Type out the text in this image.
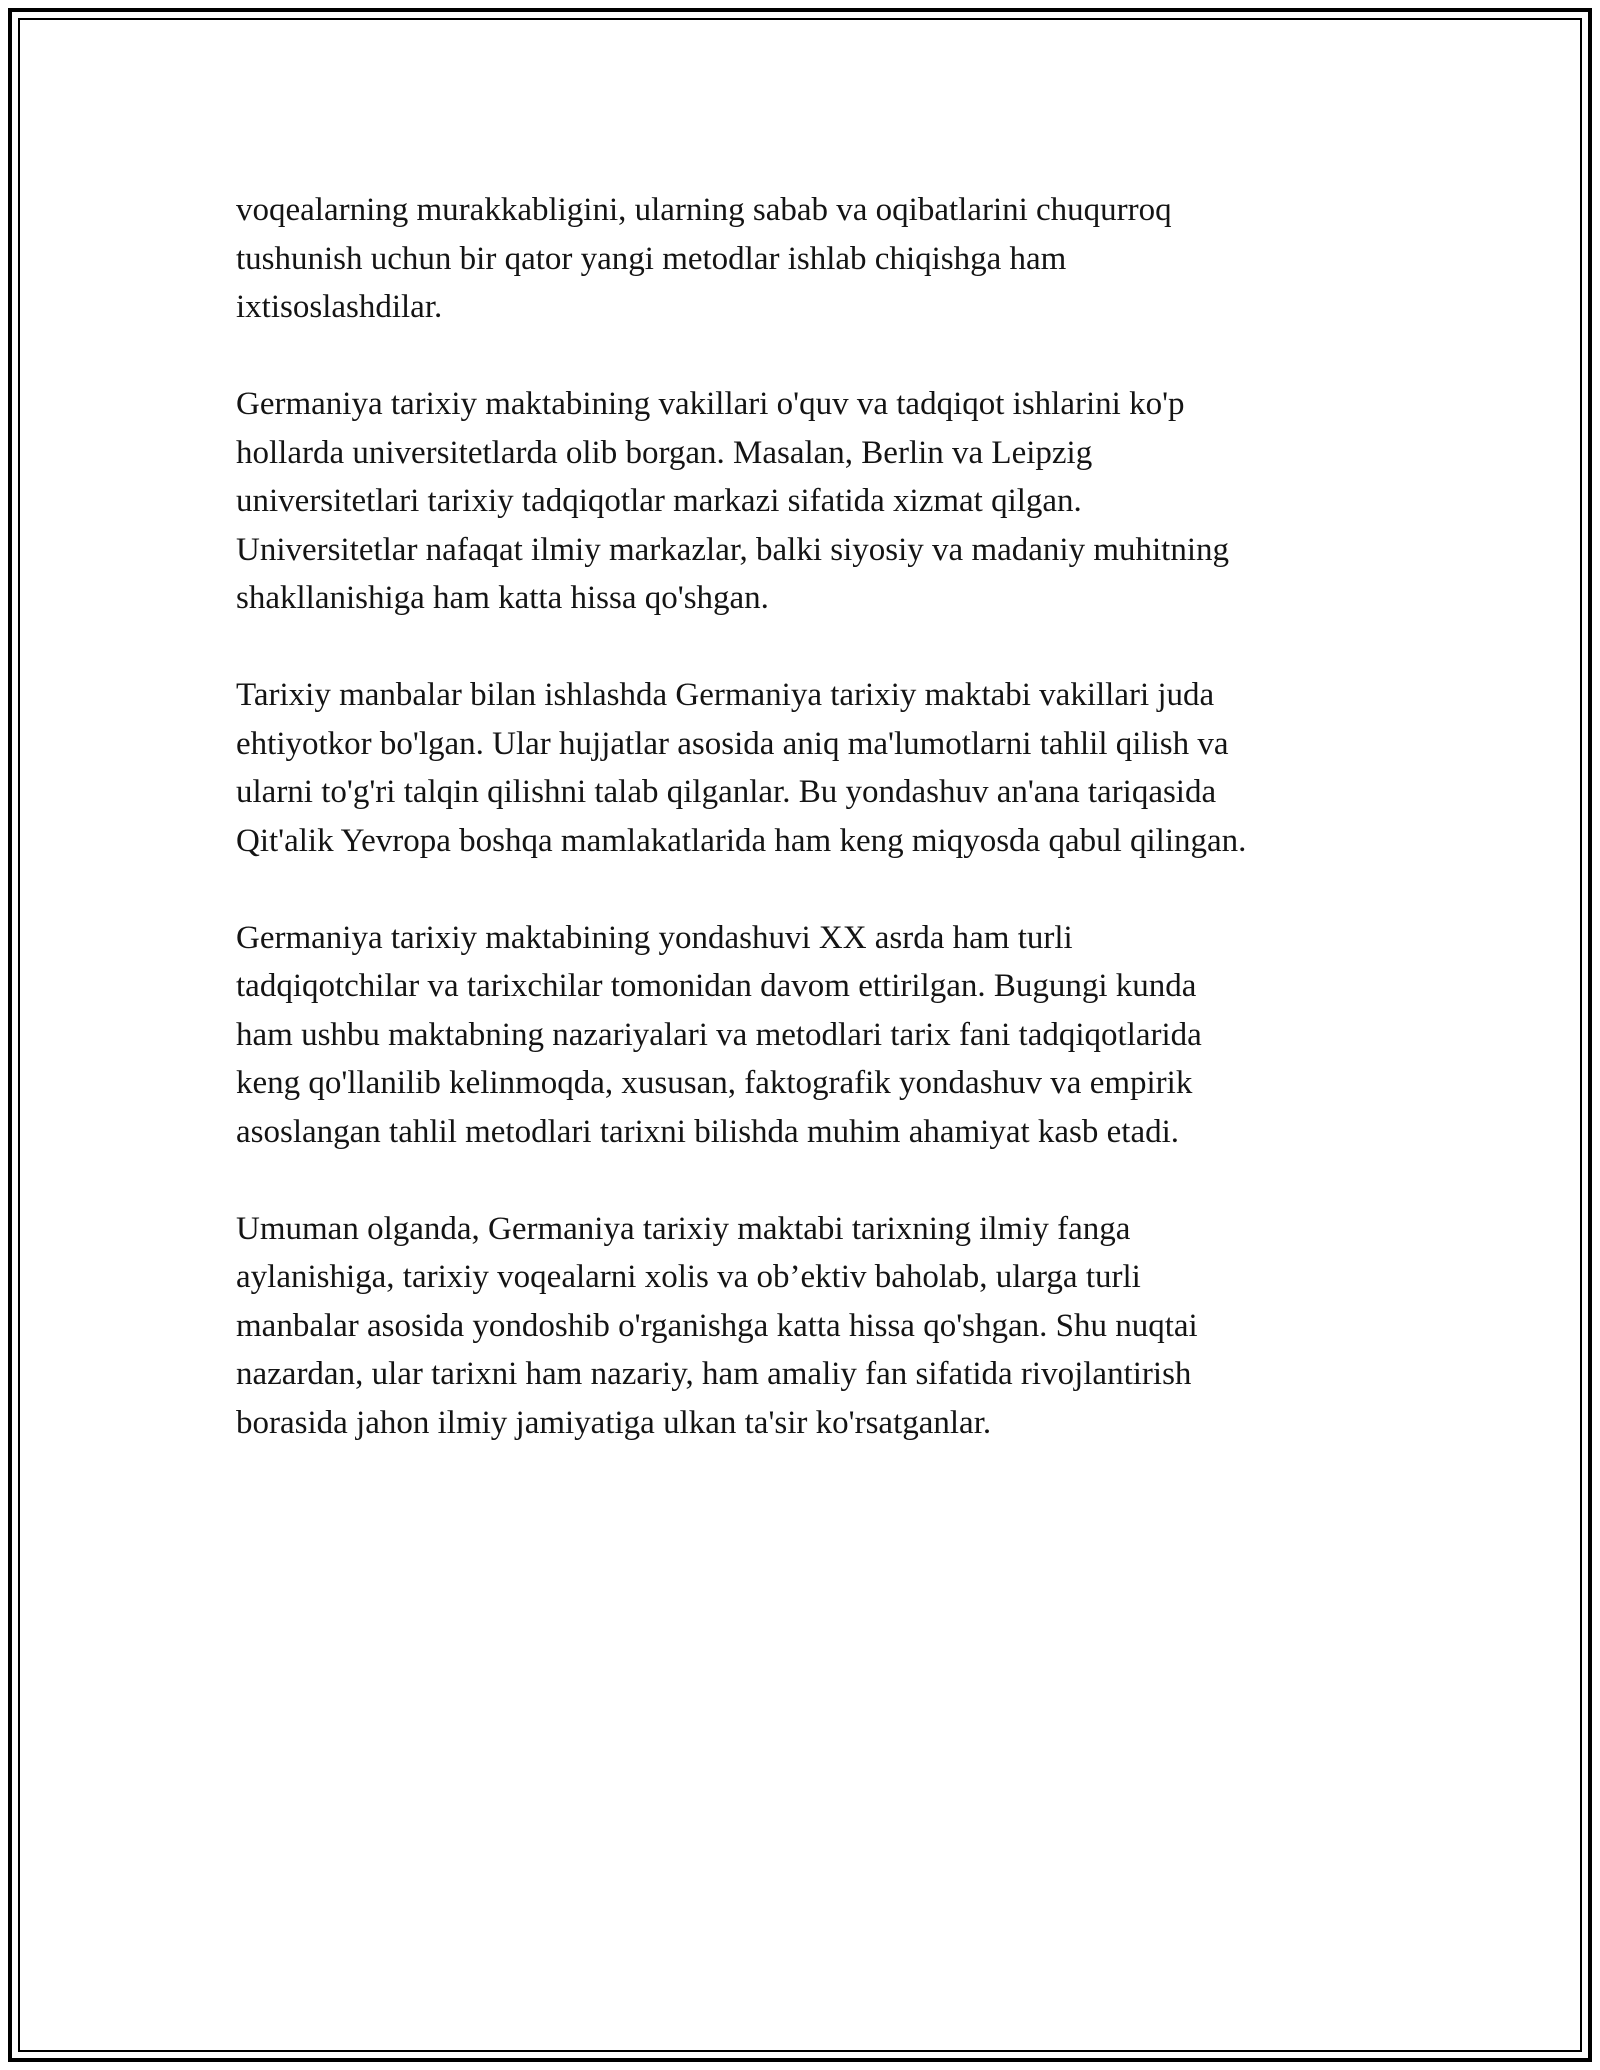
voqealarning murakkabligini, ularning sabab va oqibatlarini chuqurroq
tushunish uchun bir qator yangi metodlar ishlab chiqishga ham
ixtisoslashdilar.

Germaniya tarixiy maktabining vakillari o'quv va tadqiqot ishlarini ko'p
hollarda universitetlarda olib borgan. Masalan, Berlin va Leipzig
universitetlari tarixiy tadqiqotlar markazi sifatida xizmat qilgan.
Universitetlar nafaqat ilmiy markazlar, balki siyosiy va madaniy muhitning
shakllanishiga ham katta hissa qo'shgan.

Tarixiy manbalar bilan ishlashda Germaniya tarixiy maktabi vakillari juda
ehtiyotkor bo'lgan. Ular hujjatlar asosida aniq ma'lumotlarni tahlil qilish va
ularni to'g'ri talqin qilishni talab qilganlar. Bu yondashuv an'ana tariqasida
Qit'alik Yevropa boshqa mamlakatlarida ham keng miqyosda qabul qilingan.

Germaniya tarixiy maktabining yondashuvi XX asrda ham turli
tadqiqotchilar va tarixchilar tomonidan davom ettirilgan. Bugungi kunda
ham ushbu maktabning nazariyalari va metodlari tarix fani tadqiqotlarida
keng qo'llanilib kelinmoqda, xususan, faktografik yondashuv va empirik
asoslangan tahlil metodlari tarixni bilishda muhim ahamiyat kasb etadi.

Umuman olganda, Germaniya tarixiy maktabi tarixning ilmiy fanga
aylanishiga, tarixiy voqealarni xolis va ob’ektiv baholab, ularga turli
manbalar asosida yondoshib o'rganishga katta hissa qo'shgan. Shu nuqtai
nazardan, ular tarixni ham nazariy, ham amaliy fan sifatida rivojlantirish
borasida jahon ilmiy jamiyatiga ulkan ta'sir ko'rsatganlar.
